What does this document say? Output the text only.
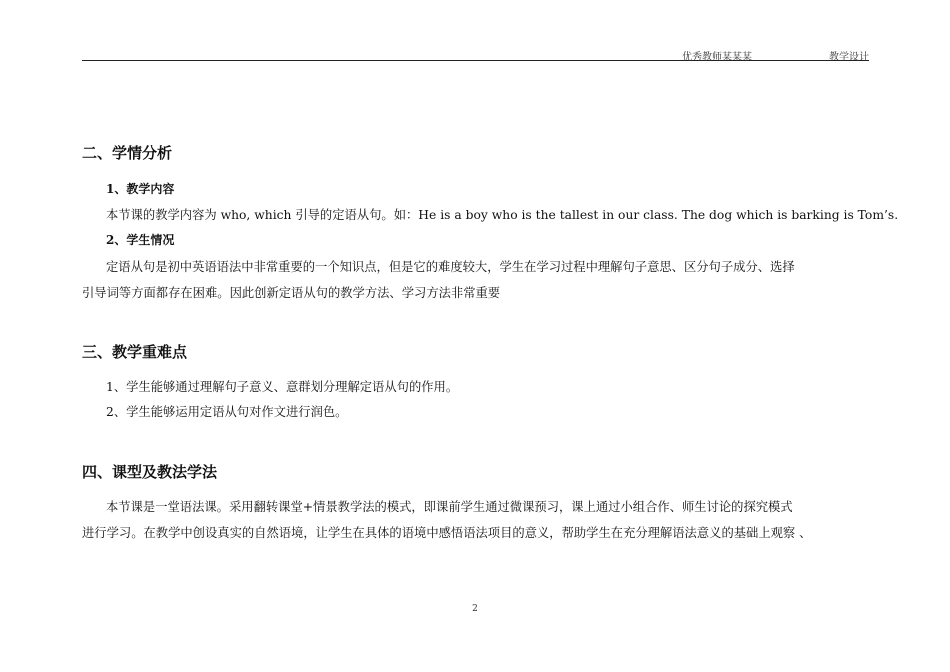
优秀教师某某某	教学设计
二、学情分析
1、教学内容
本节课的教学内容为 who, which 引导的定语从句。如：He is a boy who is the tallest in our class. The dog which is barking is Tom’s.
2、学生情况
定语从句是初中英语语法中非常重要的一个知识点，但是它的难度较大，学生在学习过程中理解句子意思、区分句子成分、选择
引导词等方面都存在困难。因此创新定语从句的教学方法、学习方法非常重要
三、教学重难点
1、学生能够通过理解句子意义、意群划分理解定语从句的作用。
2、学生能够运用定语从句对作文进行润色。
四、课型及教法学法
本节课是一堂语法课。采用翻转课堂+情景教学法的模式，即课前学生通过微课预习，课上通过小组合作、师生讨论的探究模式
进行学习。在教学中创设真实的自然语境，让学生在具体的语境中感悟语法项目的意义，帮助学生在充分理解语法意义的基础上观察 、
2
